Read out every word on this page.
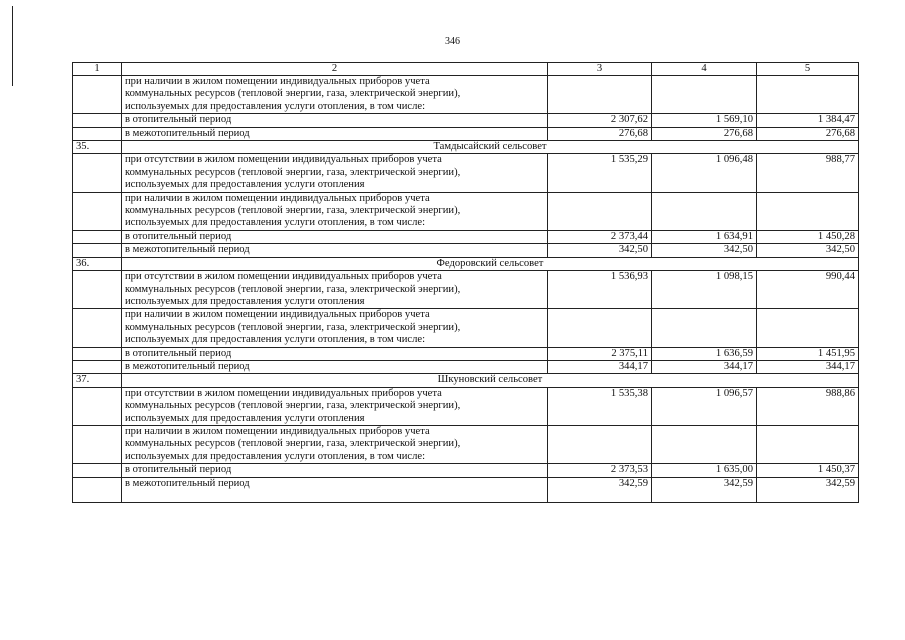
346
1	2	3	4	5

	при наличии в жилом помещении индивидуальных приборов учета
коммунальных ресурсов (тепловой энергии, газа, электрической энергии),
используемых для предоставления услуги отопления, в том числе:			

	в отопительный период	2 307,62	1 569,10	1 384,47
	в межотопительный период	276,68	276,68	276,68
35.	Тамдысайский сельсовет			

	при отсутствии в жилом помещении индивидуальных приборов учета
коммунальных ресурсов (тепловой энергии, газа, электрической энергии),
используемых для предоставления услуги отопления	1 535,29	1 096,48	988,77

	при наличии в жилом помещении индивидуальных приборов учета
коммунальных ресурсов (тепловой энергии, газа, электрической энергии),
используемых для предоставления услуги отопления, в том числе:			

	в отопительный период	2 373,44	1 634,91	1 450,28
	в межотопительный период	342,50	342,50	342,50
36.	Федоровский сельсовет			

	при отсутствии в жилом помещении индивидуальных приборов учета
коммунальных ресурсов (тепловой энергии, газа, электрической энергии),
используемых для предоставления услуги отопления	1 536,93	1 098,15	990,44

	при наличии в жилом помещении индивидуальных приборов учета
коммунальных ресурсов (тепловой энергии, газа, электрической энергии),
используемых для предоставления услуги отопления, в том числе:			

	в отопительный период	2 375,11	1 636,59	1 451,95
	в межотопительный период	344,17	344,17	344,17
37.	Шкуновский сельсовет			

	при отсутствии в жилом помещении индивидуальных приборов учета
коммунальных ресурсов (тепловой энергии, газа, электрической энергии),
используемых для предоставления услуги отопления	1 535,38	1 096,57	988,86

	при наличии в жилом помещении индивидуальных приборов учета
коммунальных ресурсов (тепловой энергии, газа, электрической энергии),
используемых для предоставления услуги отопления, в том числе:			

	в отопительный период	2 373,53	1 635,00	1 450,37
	в межотопительный период	342,59	342,59	342,59
